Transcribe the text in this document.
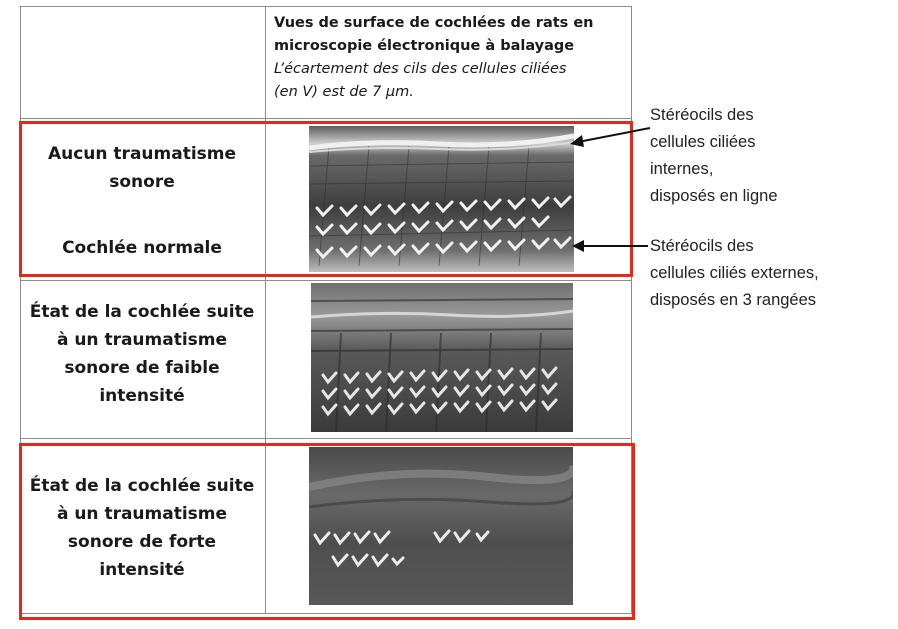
Vues de surface de cochlées de rats en
microscopie électronique à balayage
L’écartement des cils des cellules ciliées
(en V) est de 7 µm.
Aucun traumatisme
sonore
Cochlée normale
État de la cochlée suite
à un traumatisme
sonore de faible
intensité
État de la cochlée suite
à un traumatisme
sonore de forte
intensité
Stéréocils des
cellules ciliées
internes,
disposés en ligne
Stéréocils des
cellules ciliés externes,
disposés en 3 rangées
